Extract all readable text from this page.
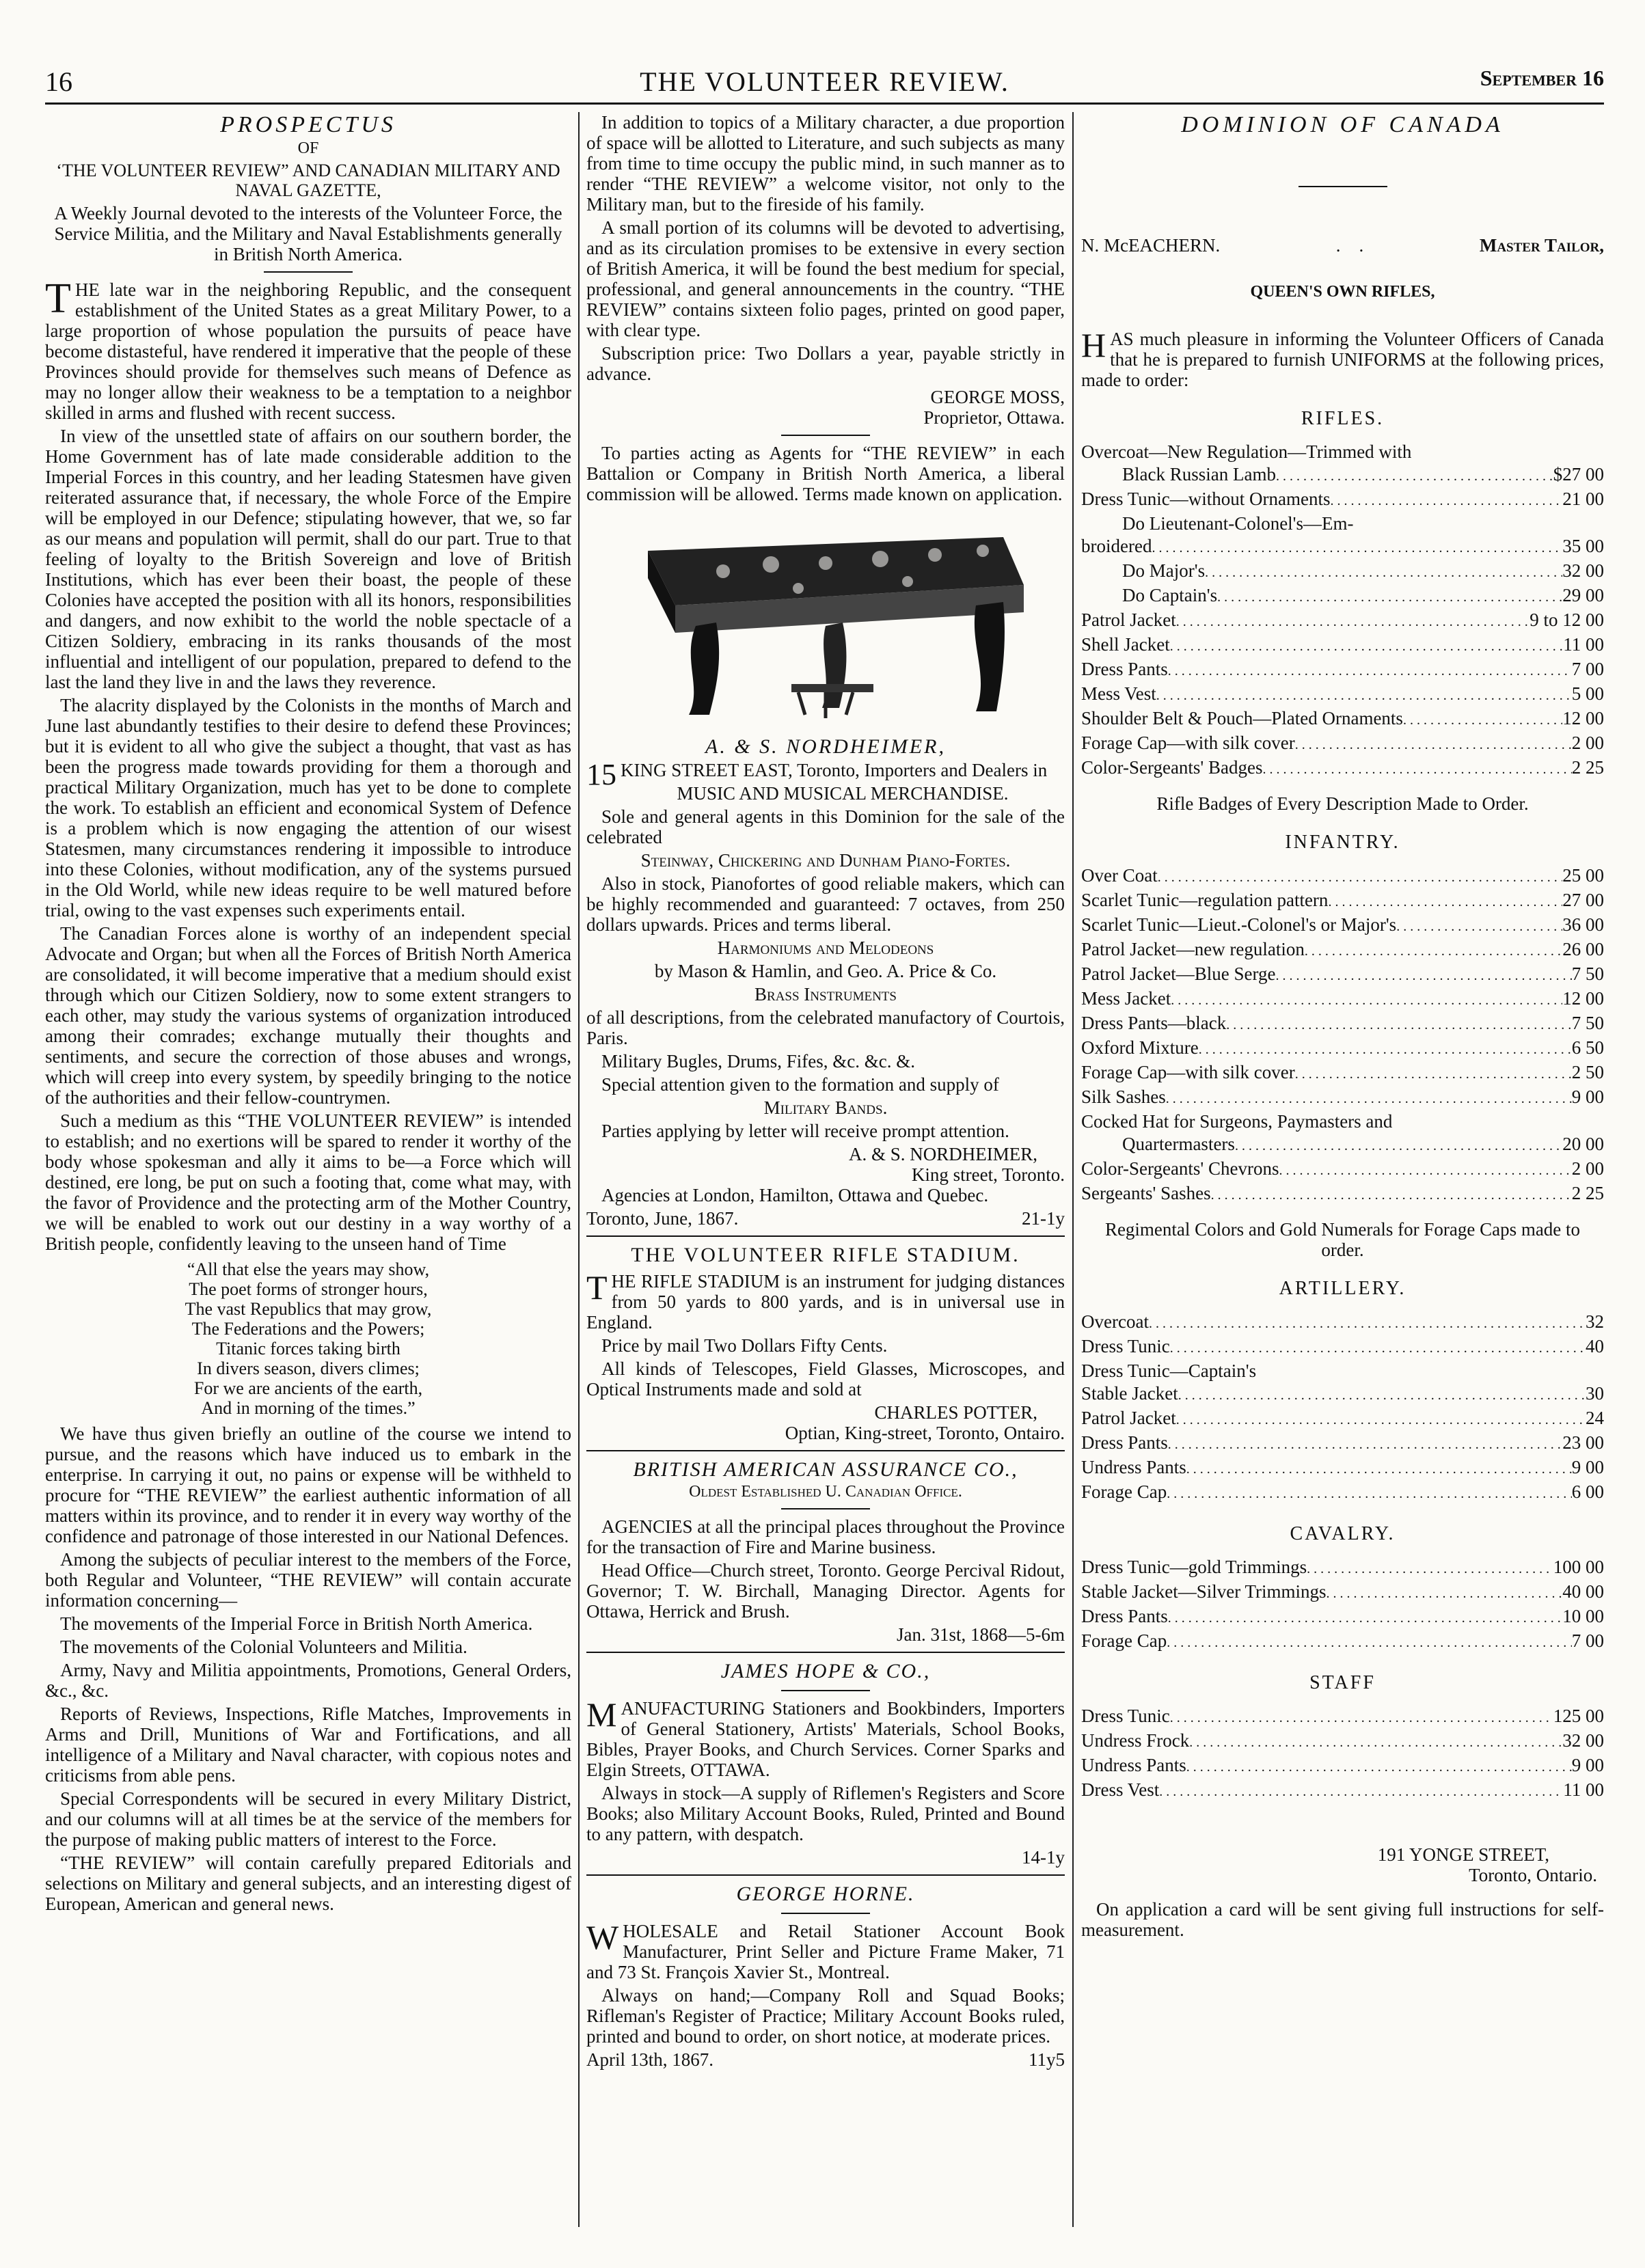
16	THE VOLUNTEER REVIEW.	September 16
PROSPECTUS

OF

‘THE VOLUNTEER REVIEW” AND CANADIAN MILITARY AND NAVAL GAZETTE,

A Weekly Journal devoted to the interests of the Volunteer Force, the Service Militia, and the Military and Naval Establishments generally in British North America.

THE late war in the neighboring Republic, and the consequent establishment of the United States as a great Military Power, to a large proportion of whose population the pursuits of peace have become distasteful, have rendered it imperative that the people of these Provinces should provide for themselves such means of Defence as may no longer allow their weakness to be a temptation to a neighbor skilled in arms and flushed with recent success.

In view of the unsettled state of affairs on our southern border, the Home Government has of late made considerable addition to the Imperial Forces in this country, and her leading Statesmen have given reiterated assurance that, if necessary, the whole Force of the Empire will be employed in our Defence; stipulating however, that we, so far as our means and population will permit, shall do our part. True to that feeling of loyalty to the British Sovereign and love of British Institutions, which has ever been their boast, the people of these Colonies have accepted the position with all its honors, responsibilities and dangers, and now exhibit to the world the noble spectacle of a Citizen Soldiery, embracing in its ranks thousands of the most influential and intelligent of our population, prepared to defend to the last the land they live in and the laws they reverence.

The alacrity displayed by the Colonists in the months of March and June last abundantly testifies to their desire to defend these Provinces; but it is evident to all who give the subject a thought, that vast as has been the progress made towards providing for them a thorough and practical Military Organization, much has yet to be done to complete the work. To establish an efficient and economical System of Defence is a problem which is now engaging the attention of our wisest Statesmen, many circumstances rendering it impossible to introduce into these Colonies, without modification, any of the systems pursued in the Old World, while new ideas require to be well matured before trial, owing to the vast expenses such experiments entail.

The Canadian Forces alone is worthy of an independent special Advocate and Organ; but when all the Forces of British North America are consolidated, it will become imperative that a medium should exist through which our Citizen Soldiery, now to some extent strangers to each other, may study the various systems of organization introduced among their comrades; exchange mutually their thoughts and sentiments, and secure the correction of those abuses and wrongs, which will creep into every system, by speedily bringing to the notice of the authorities and their fellow-countrymen.

Such a medium as this “THE VOLUNTEER REVIEW” is intended to establish; and no exertions will be spared to render it worthy of the body whose spokesman and ally it aims to be—a Force which will destined, ere long, be put on such a footing that, come what may, with the favor of Providence and the protecting arm of the Mother Country, we will be enabled to work out our destiny in a way worthy of a British people, confidently leaving to the unseen hand of Time

“All that else the years may show,

The poet forms of stronger hours,

The vast Republics that may grow,

The Federations and the Powers;

Titanic forces taking birth

In divers season, divers climes;

For we are ancients of the earth,

And in morning of the times.”

We have thus given briefly an outline of the course we intend to pursue, and the reasons which have induced us to embark in the enterprise. In carrying it out, no pains or expense will be withheld to procure for “THE REVIEW” the earliest authentic information of all matters within its province, and to render it in every way worthy of the confidence and patronage of those interested in our National Defences.

Among the subjects of peculiar interest to the members of the Force, both Regular and Volunteer, “THE REVIEW” will contain accurate information concerning—

The movements of the Imperial Force in British North America.

The movements of the Colonial Volunteers and Militia.

Army, Navy and Militia appointments, Promotions, General Orders, &c., &c.

Reports of Reviews, Inspections, Rifle Matches, Improvements in Arms and Drill, Munitions of War and Fortifications, and all intelligence of a Military and Naval character, with copious notes and criticisms from able pens.

Special Correspondents will be secured in every Military District, and our columns will at all times be at the service of the members for the purpose of making public matters of interest to the Force.

“THE REVIEW” will contain carefully prepared Editorials and selections on Military and general subjects, and an interesting digest of European, American and general news.

In addition to topics of a Military character, a due proportion of space will be allotted to Literature, and such subjects as many from time to time occupy the public mind, in such manner as to render “THE REVIEW” a welcome visitor, not only to the Military man, but to the fireside of his family.

A small portion of its columns will be devoted to advertising, and as its circulation promises to be extensive in every section of British America, it will be found the best medium for special, professional, and general announcements in the country. “THE REVIEW” contains sixteen folio pages, printed on good paper, with clear type.

Subscription price: Two Dollars a year, payable strictly in advance.

GEORGE MOSS,

Proprietor, Ottawa.

To parties acting as Agents for “THE REVIEW” in each Battalion or Company in British North America, a liberal commission will be allowed. Terms made known on application.

A. & S. NORDHEIMER,

15 KING STREET EAST, Toronto, Importers and Dealers in

MUSIC AND MUSICAL MERCHANDISE.

Sole and general agents in this Dominion for the sale of the celebrated

Steinway, Chickering and Dunham Piano-Fortes.

Also in stock, Pianofortes of good reliable makers, which can be highly recommended and guaranteed: 7 octaves, from 250 dollars upwards. Prices and terms liberal.

Harmoniums and Melodeons

by Mason & Hamlin, and Geo. A. Price & Co.

Brass Instruments

of all descriptions, from the celebrated manufactory of Courtois, Paris.

Military Bugles, Drums, Fifes, &c. &c. &.

Special attention given to the formation and supply of

Military Bands.

Parties applying by letter will receive prompt attention.

A. & S. NORDHEIMER,

King street, Toronto.

Agencies at London, Hamilton, Ottawa and Quebec.

Toronto, June, 1867.	21-1y

THE VOLUNTEER RIFLE STADIUM.

THE RIFLE STADIUM is an instrument for judging distances from 50 yards to 800 yards, and is in universal use in England.

Price by mail Two Dollars Fifty Cents.

All kinds of Telescopes, Field Glasses, Microscopes, and Optical Instruments made and sold at

CHARLES POTTER,

Optian, King-street, Toronto, Ontairo.

BRITISH AMERICAN ASSURANCE CO.,

Oldest Established U. Canadian Office.

AGENCIES at all the principal places throughout the Province for the transaction of Fire and Marine business.

Head Office—Church street, Toronto. George Percival Ridout, Governor; T. W. Birchall, Managing Director. Agents for Ottawa, Herrick and Brush.

Jan. 31st, 1868—5-6m

JAMES HOPE & CO.,

MANUFACTURING Stationers and Bookbinders, Importers of General Stationery, Artists' Materials, School Books, Bibles, Prayer Books, and Church Services. Corner Sparks and Elgin Streets, OTTAWA.

Always in stock—A supply of Riflemen's Registers and Score Books; also Military Account Books, Ruled, Printed and Bound to any pattern, with despatch.

14-1y

GEORGE HORNE.

WHOLESALE and Retail Stationer Account Book Manufacturer, Print Seller and Picture Frame Maker, 71 and 73 St. François Xavier St., Montreal.

Always on hand;—Company Roll and Squad Books; Rifleman's Register of Practice; Military Account Books ruled, printed and bound to order, on short notice, at moderate prices.

April 13th, 1867.	11y5

DOMINION OF CANADA

N. McEACHERN.	.    .	Master Tailor,

QUEEN'S OWN RIFLES,

HAS much pleasure in informing the Volunteer Officers of Canada that he is prepared to furnish UNIFORMS at the following prices, made to order:

RIFLES.
Overcoat—New Regulation—Trimmed with
Black Russian Lamb . . .	$27 00
Dress Tunic—without Ornaments . . .	21 00
Do Lieutenant-Colonel's—Em-
broidered . . .	35 00
Do Major's . . .	32 00
Do Captain's . . .	29 00
Patrol Jacket . . .	9 to 12 00
Shell Jacket . . .	11 00
Dress Pants . . .	7 00
Mess Vest . . .	5 00
Shoulder Belt & Pouch—Plated Ornaments . . .	12 00
Forage Cap—with silk cover . . .	2 00
Color-Sergeants' Badges . . .	2 25

Rifle Badges of Every Description Made to Order.

INFANTRY.
Over Coat . . .	25 00
Scarlet Tunic—regulation pattern . . .	27 00
Scarlet Tunic—Lieut.-Colonel's or Major's . . .	36 00
Patrol Jacket—new regulation . . .	26 00
Patrol Jacket—Blue Serge . . .	7 50
Mess Jacket . . .	12 00
Dress Pants—black . . .	7 50
Oxford Mixture . . .	6 50
Forage Cap—with silk cover . . .	2 50
Silk Sashes . . .	9 00
Cocked Hat for Surgeons, Paymasters and
Quartermasters . . .	20 00
Color-Sergeants' Chevrons . . .	2 00
Sergeants' Sashes . . .	2 25

Regimental Colors and Gold Numerals for Forage Caps made to order.

ARTILLERY.
Overcoat . . .	32
Dress Tunic . . .	40
Dress Tunic—Captain's
Stable Jacket . . .	30
Patrol Jacket . . .	24
Dress Pants . . .	23 00
Undress Pants . . .	9 00
Forage Cap . . .	6 00
CAVALRY.
Dress Tunic—gold Trimmings . . .	100 00
Stable Jacket—Silver Trimmings . . .	40 00
Dress Pants . . .	10 00
Forage Cap . . .	7 00
STAFF
Dress Tunic . . .	125 00
Undress Frock . . .	32 00
Undress Pants . . .	9 00
Dress Vest . . .	11 00

191 YONGE STREET,

Toronto, Ontario.

On application a card will be sent giving full instructions for self-measurement.
